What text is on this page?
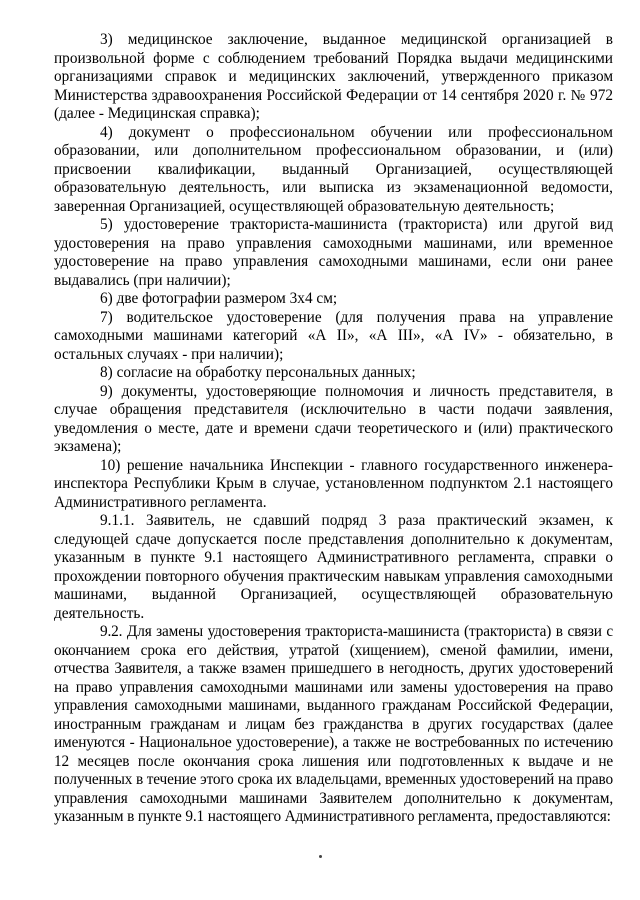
3) медицинское заключение, выданное медицинской организацией в произвольной форме с соблюдением требований Порядка выдачи медицинскими организациями справок и медицинских заключений, утвержденного приказом Министерства здравоохранения Российской Федерации от 14 сентября 2020 г. № 972 (далее - Медицинская справка);

4) документ о профессиональном обучении или профессиональном образовании, или дополнительном профессиональном образовании, и (или) присвоении квалификации, выданный Организацией, осуществляющей образовательную деятельность, или выписка из экзаменационной ведомости, заверенная Организацией, осуществляющей образовательную деятельность;

5) удостоверение тракториста-машиниста (тракториста) или другой вид удостоверения на право управления самоходными машинами, или временное удостоверение на право управления самоходными машинами, если они ранее выдавались (при наличии);

6) две фотографии размером 3х4 см;

7) водительское удостоверение (для получения права на управление самоходными машинами категорий «А II», «А III», «А IV» - обязательно, в остальных случаях - при наличии);

8) согласие на обработку персональных данных;

9) документы, удостоверяющие полномочия и личность представителя, в случае обращения представителя (исключительно в части подачи заявления, уведомления о месте, дате и времени сдачи теоретического и (или) практического экзамена);

10) решение начальника Инспекции - главного государственного инженера-инспектора Республики Крым в случае, установленном подпунктом 2.1 настоящего Административного регламента.

9.1.1. Заявитель, не сдавший подряд 3 раза практический экзамен, к следующей сдаче допускается после представления дополнительно к документам, указанным в пункте 9.1 настоящего Административного регламента, справки о прохождении повторного обучения практическим навыкам управления самоходными машинами, выданной Организацией, осуществляющей образовательную деятельность.

9.2. Для замены удостоверения тракториста-машиниста (тракториста) в связи с окончанием срока его действия, утратой (хищением), сменой фамилии, имени, отчества Заявителя, а также взамен пришедшего в негодность, других удостоверений на право управления самоходными машинами или замены удостоверения на право управления самоходными машинами, выданного гражданам Российской Федерации, иностранным гражданам и лицам без гражданства в других государствах (далее именуются - Национальное удостоверение), а также не востребованных по истечению 12 месяцев после окончания срока лишения или подготовленных к выдаче и не полученных в течение этого срока их владельцами, временных удостоверений на право управления самоходными машинами Заявителем дополнительно к документам, указанным в пункте 9.1 настоящего Административного регламента, предоставляются:
